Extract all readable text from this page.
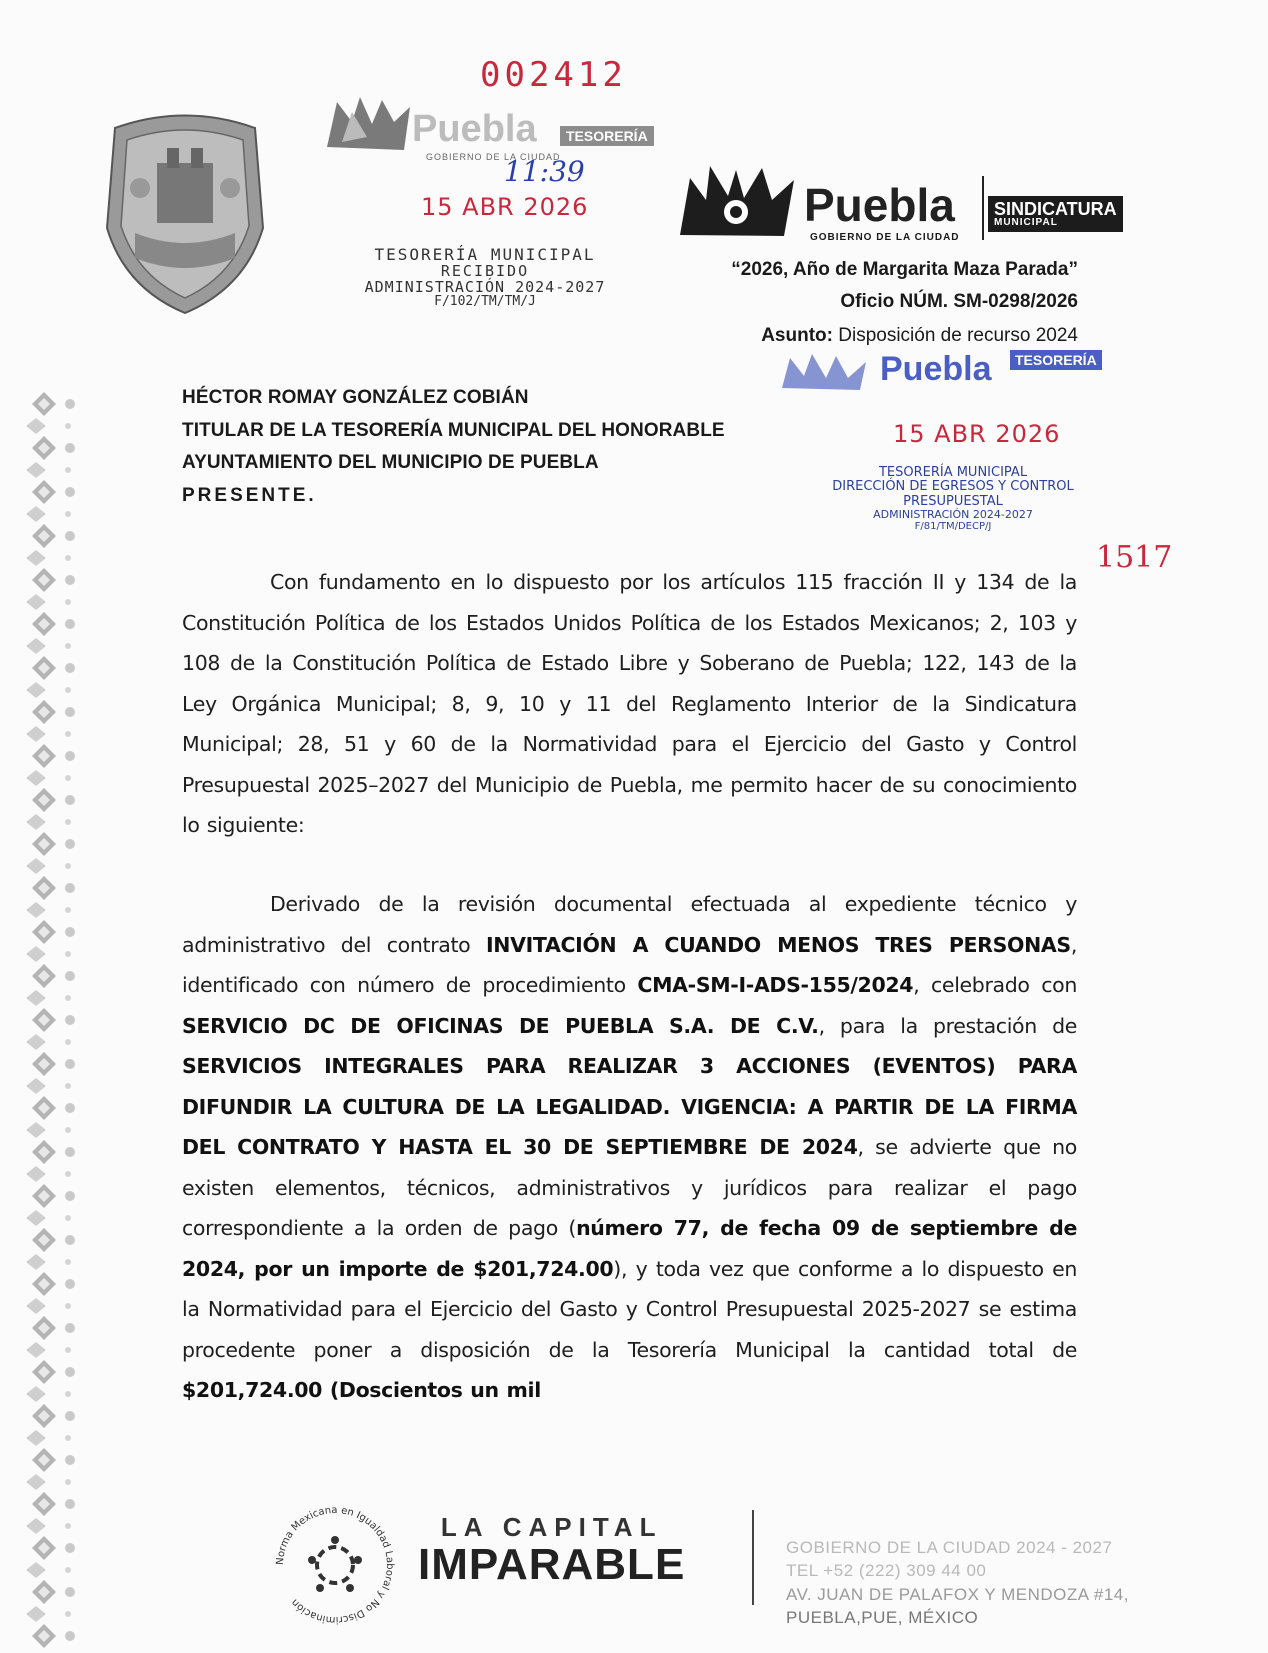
002412
Puebla	TESORERÍA
GOBIERNO DE LA CIUDAD
11:39
15 ABR 2026
TESORERÍA MUNICIPAL
RECIBIDO
ADMINISTRACIÓN 2024-2027
F/102/TM/TM/J
Puebla
GOBIERNO DE LA CIUDAD
SINDICATURA
MUNICIPAL
“2026, Año de Margarita Maza Parada”
Oficio NÚM. SM-0298/2026
Asunto: Disposición de recurso 2024
Puebla	TESORERÍA
15 ABR 2026
TESORERÍA MUNICIPAL
DIRECCIÓN DE EGRESOS Y CONTROL
PRESUPUESTAL
ADMINISTRACIÓN 2024-2027
F/81/TM/DECP/J
1517
HÉCTOR ROMAY GONZÁLEZ COBIÁN
TITULAR DE LA TESORERÍA MUNICIPAL DEL HONORABLE
AYUNTAMIENTO DEL MUNICIPIO DE PUEBLA
PRESENTE.
Con fundamento en lo dispuesto por los artículos 115 fracción II y 134 de la Constitución Política de los Estados Unidos Política de los Estados Mexicanos; 2, 103 y 108 de la Constitución Política de Estado Libre y Soberano de Puebla; 122, 143 de la Ley Orgánica Municipal; 8, 9, 10 y 11 del Reglamento Interior de la Sindicatura Municipal; 28, 51 y 60 de la Normatividad para el Ejercicio del Gasto y Control Presupuestal 2025–2027 del Municipio de Puebla, me permito hacer de su conocimiento lo siguiente:
Derivado de la revisión documental efectuada al expediente técnico y administrativo del contrato INVITACIÓN A CUANDO MENOS TRES PERSONAS, identificado con número de procedimiento CMA-SM-I-ADS-155/2024, celebrado con SERVICIO DC DE OFICINAS DE PUEBLA S.A. DE C.V., para la prestación de SERVICIOS INTEGRALES PARA REALIZAR 3 ACCIONES (EVENTOS) PARA DIFUNDIR LA CULTURA DE LA LEGALIDAD. VIGENCIA: A PARTIR DE LA FIRMA DEL CONTRATO Y HASTA EL 30 DE SEPTIEMBRE DE 2024, se advierte que no existen elementos, técnicos, administrativos y jurídicos para realizar el pago correspondiente a la orden de pago (número 77, de fecha 09 de septiembre de 2024, por un importe de $201,724.00), y toda vez que conforme a lo dispuesto en la Normatividad para el Ejercicio del Gasto y Control Presupuestal 2025-2027 se estima procedente poner a disposición de la Tesorería Municipal la cantidad total de $201,724.00 (Doscientos un mil
Norma Mexicana en Igualdad Laboral y No Discriminación
LA CAPITAL
IMPARABLE	GOBIERNO DE LA CIUDAD 2024 - 2027
TEL +52 (222) 309 44 00
AV. JUAN DE PALAFOX Y MENDOZA #14,
PUEBLA,PUE, MÉXICO
